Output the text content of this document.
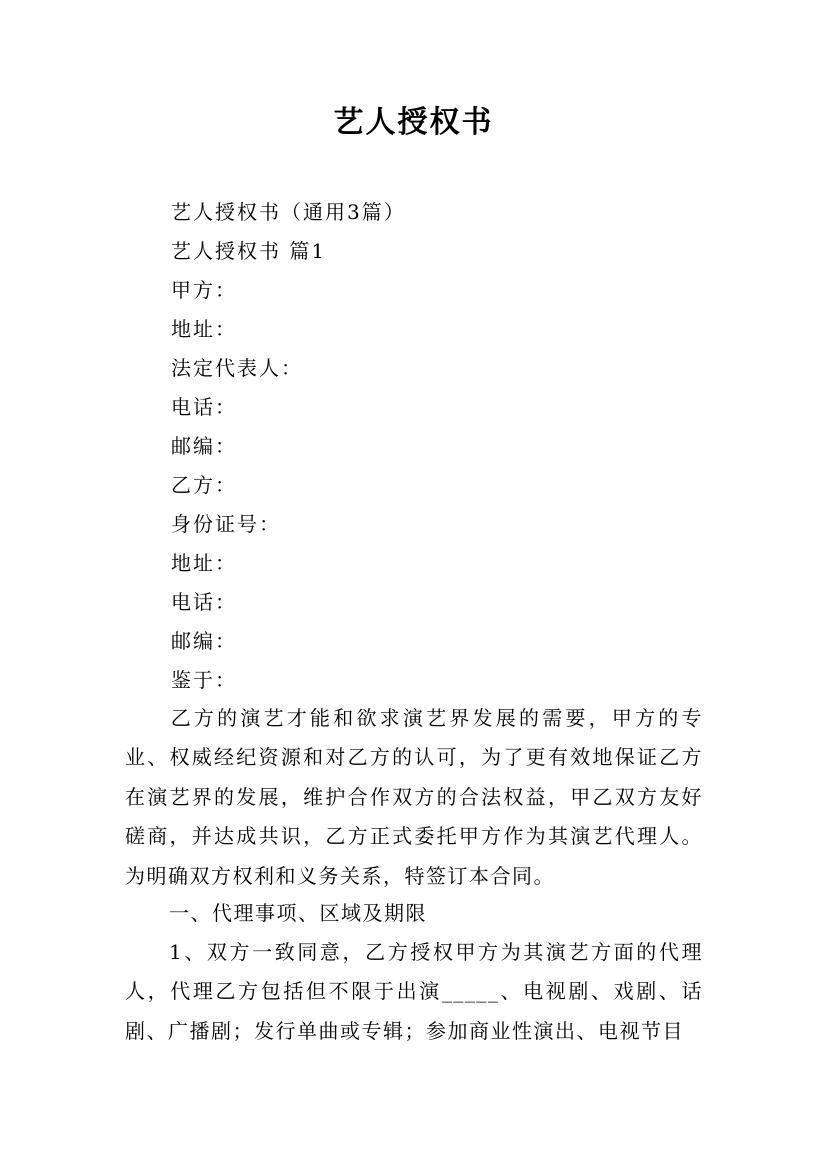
艺人授权书
艺人授权书（通用3篇）
艺人授权书 篇1
甲方：
地址：
法定代表人：
电话：
邮编：
乙方：
身份证号：
地址：
电话：
邮编：
鉴于：
乙方的演艺才能和欲求演艺界发展的需要，甲方的专业、权威经纪资源和对乙方的认可，为了更有效地保证乙方在演艺界的发展，维护合作双方的合法权益，甲乙双方友好磋商，并达成共识，乙方正式委托甲方作为其演艺代理人。为明确双方权利和义务关系，特签订本合同。
一、代理事项、区域及期限
1、双方一致同意，乙方授权甲方为其演艺方面的代理人，代理乙方包括但不限于出演_____、电视剧、戏剧、话剧、广播剧；发行单曲或专辑；参加商业性演出、电视节目
